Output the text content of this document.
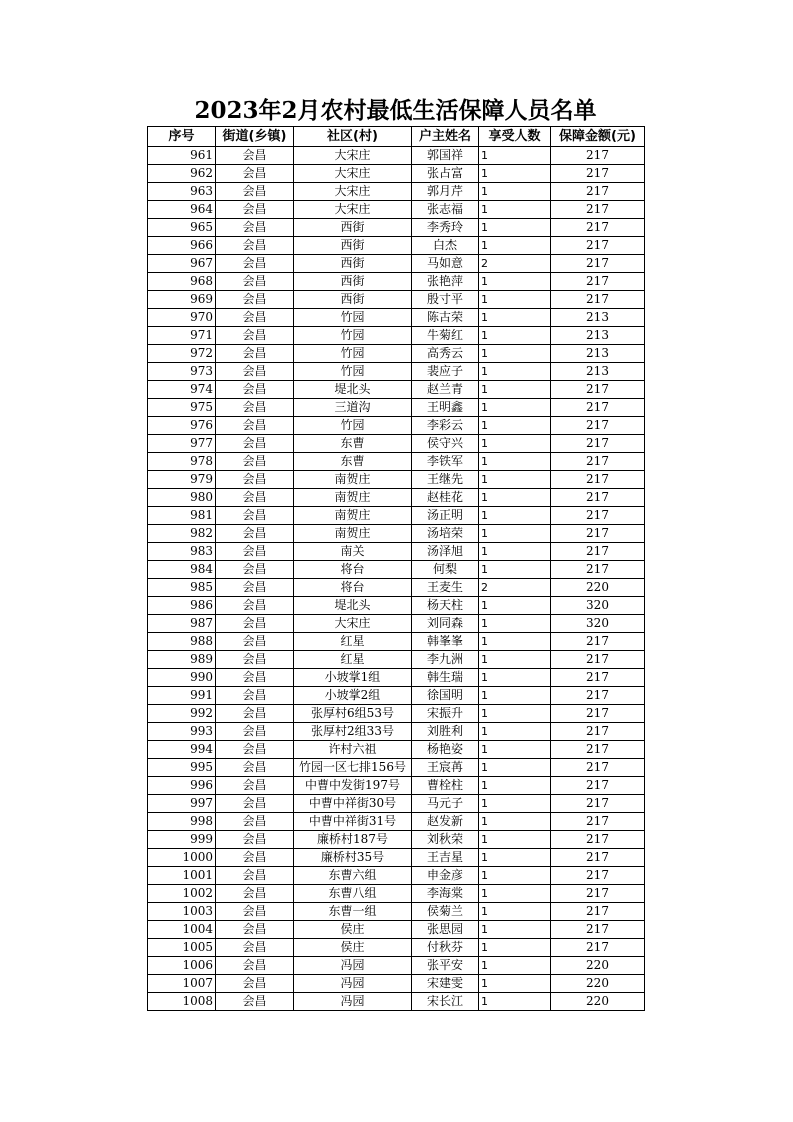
2023年2月农村最低生活保障人员名单
序号	街道(乡镇)	社区(村)	户主姓名	享受人数	保障金额(元)
961	会昌	大宋庄	郭国祥	1	217
962	会昌	大宋庄	张占富	1	217
963	会昌	大宋庄	郭月芹	1	217
964	会昌	大宋庄	张志福	1	217
965	会昌	西街	李秀玲	1	217
966	会昌	西街	白杰	1	217
967	会昌	西街	马如意	2	217
968	会昌	西街	张艳萍	1	217
969	会昌	西街	殷寸平	1	217
970	会昌	竹园	陈古荣	1	213
971	会昌	竹园	牛菊红	1	213
972	会昌	竹园	高秀云	1	213
973	会昌	竹园	裴应子	1	213
974	会昌	堤北头	赵兰青	1	217
975	会昌	三道沟	王明鑫	1	217
976	会昌	竹园	李彩云	1	217
977	会昌	东曹	侯守兴	1	217
978	会昌	东曹	李铁军	1	217
979	会昌	南贺庄	王继先	1	217
980	会昌	南贺庄	赵桂花	1	217
981	会昌	南贺庄	汤正明	1	217
982	会昌	南贺庄	汤培荣	1	217
983	会昌	南关	汤泽旭	1	217
984	会昌	将台	何梨	1	217
985	会昌	将台	王麦生	2	220
986	会昌	堤北头	杨天柱	1	320
987	会昌	大宋庄	刘同森	1	320
988	会昌	红星	韩峯峯	1	217
989	会昌	红星	李九洲	1	217
990	会昌	小坡掌1组	韩生瑞	1	217
991	会昌	小坡掌2组	徐国明	1	217
992	会昌	张厚村6组53号	宋振升	1	217
993	会昌	张厚村2组33号	刘胜利	1	217
994	会昌	许村六祖	杨艳姿	1	217
995	会昌	竹园一区七排156号	王宸苒	1	217
996	会昌	中曹中发街197号	曹栓柱	1	217
997	会昌	中曹中祥街30号	马元子	1	217
998	会昌	中曹中祥街31号	赵发新	1	217
999	会昌	廉桥村187号	刘秋荣	1	217
1000	会昌	廉桥村35号	王吉星	1	217
1001	会昌	东曹六组	申金彦	1	217
1002	会昌	东曹八组	李海棠	1	217
1003	会昌	东曹一组	侯菊兰	1	217
1004	会昌	侯庄	张思园	1	217
1005	会昌	侯庄	付秋芬	1	217
1006	会昌	冯园	张平安	1	220
1007	会昌	冯园	宋建雯	1	220
1008	会昌	冯园	宋长江	1	220
